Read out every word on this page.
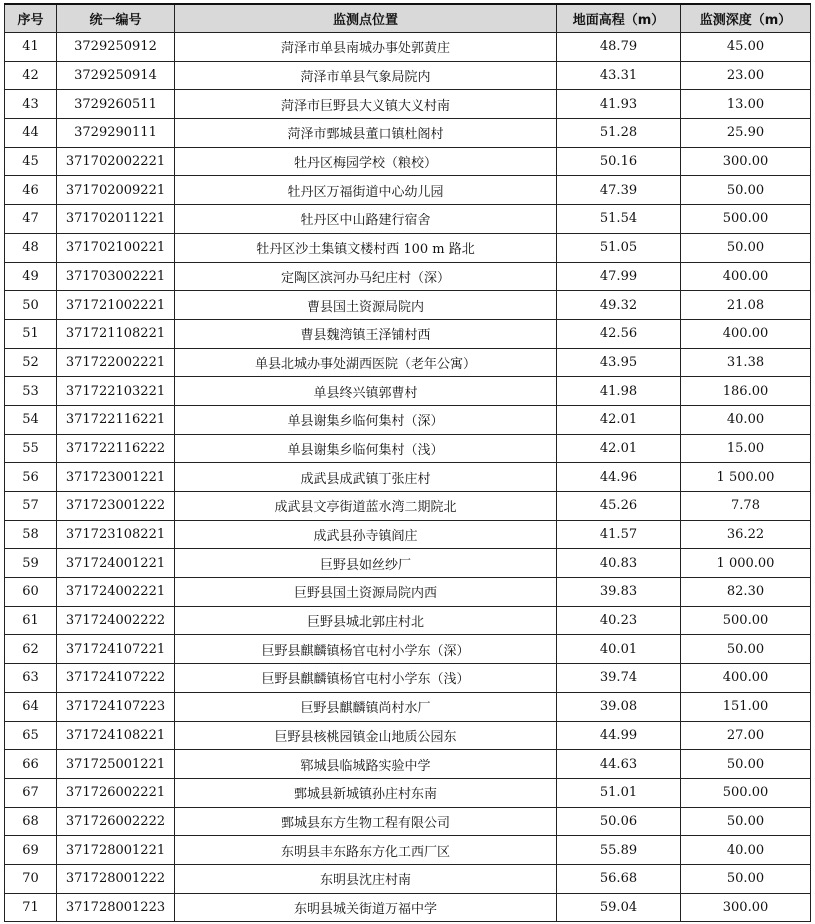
序号	统一编号	监测点位置	地面高程（m）	监测深度（m）
41	3729250912	菏泽市单县南城办事处郭黄庄	48.79	45.00
42	3729250914	菏泽市单县气象局院内	43.31	23.00
43	3729260511	菏泽市巨野县大义镇大义村南	41.93	13.00
44	3729290111	菏泽市鄄城县董口镇杜阁村	51.28	25.90
45	371702002221	牡丹区梅园学校（粮校）	50.16	300.00
46	371702009221	牡丹区万福街道中心幼儿园	47.39	50.00
47	371702011221	牡丹区中山路建行宿舍	51.54	500.00
48	371702100221	牡丹区沙土集镇文楼村西 100 m 路北	51.05	50.00
49	371703002221	定陶区滨河办马纪庄村（深）	47.99	400.00
50	371721002221	曹县国土资源局院内	49.32	21.08
51	371721108221	曹县魏湾镇王泽铺村西	42.56	400.00
52	371722002221	单县北城办事处湖西医院（老年公寓）	43.95	31.38
53	371722103221	单县终兴镇郭曹村	41.98	186.00
54	371722116221	单县谢集乡临何集村（深）	42.01	40.00
55	371722116222	单县谢集乡临何集村（浅）	42.01	15.00
56	371723001221	成武县成武镇丁张庄村	44.96	1 500.00
57	371723001222	成武县文亭街道蓝水湾二期院北	45.26	7.78
58	371723108221	成武县孙寺镇阎庄	41.57	36.22
59	371724001221	巨野县如丝纱厂	40.83	1 000.00
60	371724002221	巨野县国土资源局院内西	39.83	82.30
61	371724002222	巨野县城北郭庄村北	40.23	500.00
62	371724107221	巨野县麒麟镇杨官屯村小学东（深）	40.01	50.00
63	371724107222	巨野县麒麟镇杨官屯村小学东（浅）	39.74	400.00
64	371724107223	巨野县麒麟镇尚村水厂	39.08	151.00
65	371724108221	巨野县核桃园镇金山地质公园东	44.99	27.00
66	371725001221	郓城县临城路实验中学	44.63	50.00
67	371726002221	鄄城县新城镇孙庄村东南	51.01	500.00
68	371726002222	鄄城县东方生物工程有限公司	50.06	50.00
69	371728001221	东明县丰东路东方化工西厂区	55.89	40.00
70	371728001222	东明县沈庄村南	56.68	50.00
71	371728001223	东明县城关街道万福中学	59.04	300.00
